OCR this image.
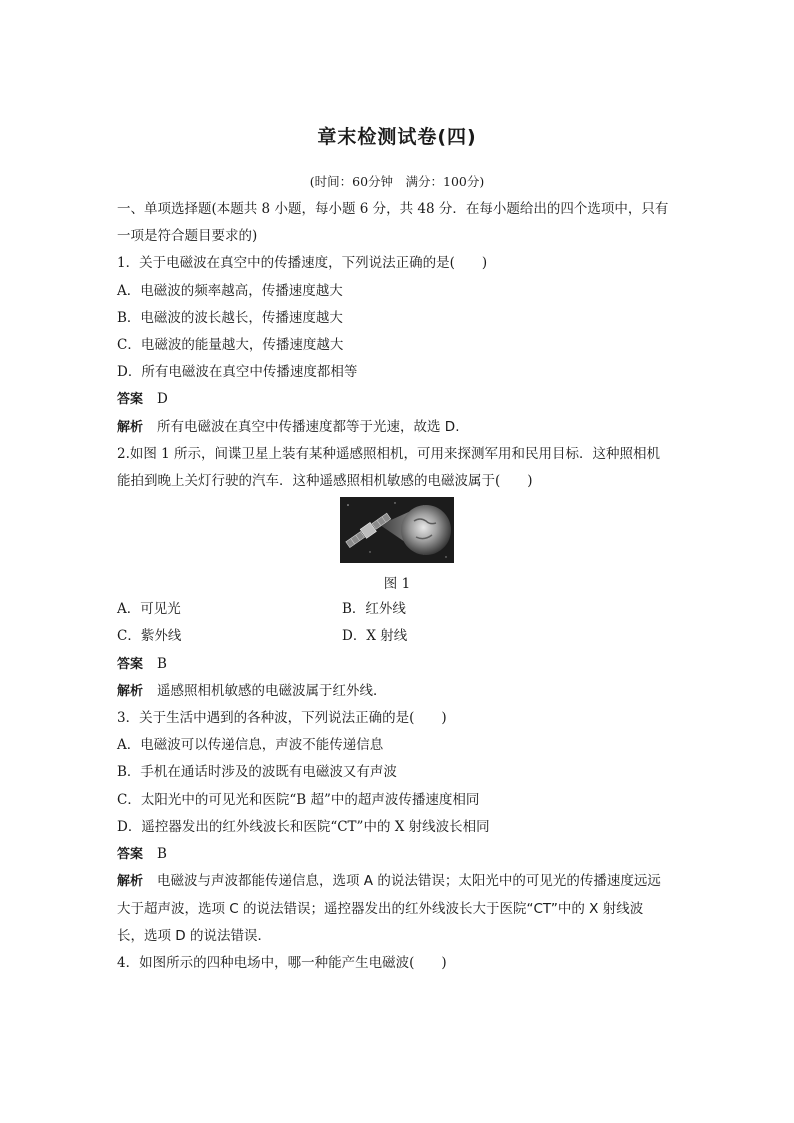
章末检测试卷(四)
(时间：60分钟　满分：100分)
一、单项选择题(本题共 8 小题，每小题 6 分，共 48 分．在每小题给出的四个选项中，只有
一项是符合题目要求的)
1．关于电磁波在真空中的传播速度，下列说法正确的是(　　)
A．电磁波的频率越高，传播速度越大
B．电磁波的波长越长，传播速度越大
C．电磁波的能量越大，传播速度越大
D．所有电磁波在真空中传播速度都相等
答案 D
解析 所有电磁波在真空中传播速度都等于光速，故选 D.
2.如图 1 所示，间谍卫星上装有某种遥感照相机，可用来探测军用和民用目标．这种照相机
能拍到晚上关灯行驶的汽车．这种遥感照相机敏感的电磁波属于(　　)
图 1
A．可见光	B．红外线
C．紫外线	D．X 射线
答案 B
解析 遥感照相机敏感的电磁波属于红外线．
3．关于生活中遇到的各种波，下列说法正确的是(　　)
A．电磁波可以传递信息，声波不能传递信息
B．手机在通话时涉及的波既有电磁波又有声波
C．太阳光中的可见光和医院“B 超”中的超声波传播速度相同
D．遥控器发出的红外线波长和医院“CT”中的 X 射线波长相同
答案 B
解析 电磁波与声波都能传递信息，选项 A 的说法错误；太阳光中的可见光的传播速度远远
大于超声波，选项 C 的说法错误；遥控器发出的红外线波长大于医院“CT”中的 X 射线波
长，选项 D 的说法错误．
4．如图所示的四种电场中，哪一种能产生电磁波(　　)
